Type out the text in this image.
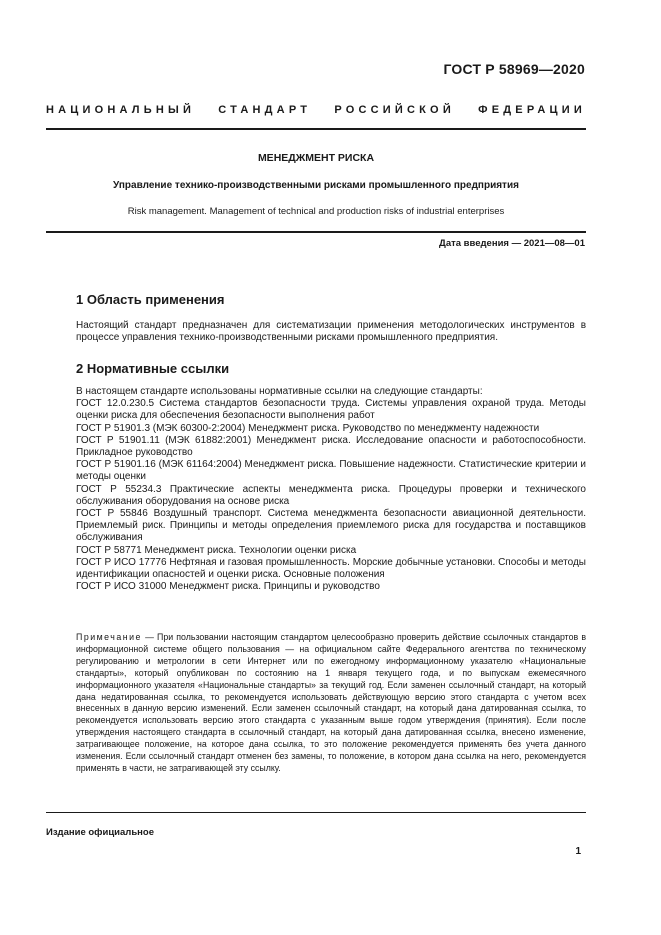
ГОСТ Р 58969—2020
НАЦИОНАЛЬНЫЙ СТАНДАРТ РОССИЙСКОЙ ФЕДЕРАЦИИ
МЕНЕДЖМЕНТ РИСКА
Управление технико-производственными рисками промышленного предприятия
Risk management. Management of technical and production risks of industrial enterprises
Дата введения — 2021—08—01
1 Область применения

Настоящий стандарт предназначен для систематизации применения методологических инструментов в процессе управления технико-производственными рисками промышленного предприятия.

2 Нормативные ссылки

В настоящем стандарте использованы нормативные ссылки на следующие стандарты:

ГОСТ 12.0.230.5 Система стандартов безопасности труда. Системы управления охраной труда. Методы оценки риска для обеспечения безопасности выполнения работ

ГОСТ Р 51901.3 (МЭК 60300-2:2004) Менеджмент риска. Руководство по менеджменту надежности

ГОСТ Р 51901.11 (МЭК 61882:2001) Менеджмент риска. Исследование опасности и работоспособности. Прикладное руководство

ГОСТ Р 51901.16 (МЭК 61164:2004) Менеджмент риска. Повышение надежности. Статистические критерии и методы оценки

ГОСТ Р 55234.3 Практические аспекты менеджмента риска. Процедуры проверки и технического обслуживания оборудования на основе риска

ГОСТ Р 55846 Воздушный транспорт. Система менеджмента безопасности авиационной деятельности. Приемлемый риск. Принципы и методы определения приемлемого риска для государства и поставщиков обслуживания

ГОСТ Р 58771 Менеджмент риска. Технологии оценки риска

ГОСТ Р ИСО 17776 Нефтяная и газовая промышленность. Морские добычные установки. Способы и методы идентификации опасностей и оценки риска. Основные положения

ГОСТ Р ИСО 31000 Менеджмент риска. Принципы и руководство

Примечание — При пользовании настоящим стандартом целесообразно проверить действие ссылочных стандартов в информационной системе общего пользования — на официальном сайте Федерального агентства по техническому регулированию и метрологии в сети Интернет или по ежегодному информационному указателю «Национальные стандарты», который опубликован по состоянию на 1 января текущего года, и по выпускам ежемесячного информационного указателя «Национальные стандарты» за текущий год. Если заменен ссылочный стандарт, на который дана недатированная ссылка, то рекомендуется использовать действующую версию этого стандарта с учетом всех внесенных в данную версию изменений. Если заменен ссылочный стандарт, на который дана датированная ссылка, то рекомендуется использовать версию этого стандарта с указанным выше годом утверждения (принятия). Если после утверждения настоящего стандарта в ссылочный стандарт, на который дана датированная ссылка, внесено изменение, затрагивающее положение, на которое дана ссылка, то это положение рекомендуется применять без учета данного изменения. Если ссылочный стандарт отменен без замены, то положение, в котором дана ссылка на него, рекомендуется применять в части, не затрагивающей эту ссылку.
Издание официальное
1
